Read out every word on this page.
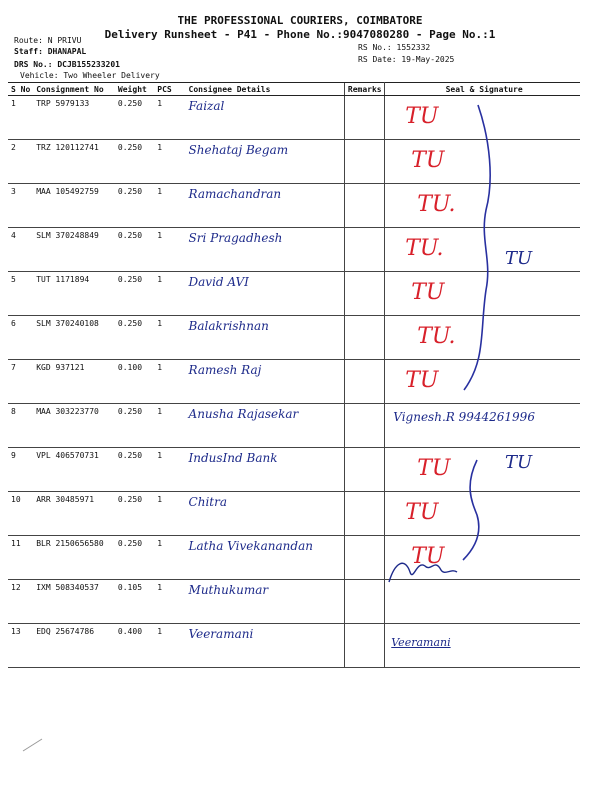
THE PROFESSIONAL COURIERS, COIMBATORE
Delivery Runsheet - P41 - Phone No.:9047080280 - Page No.:1
Route: N PRIVU
Staff: DHANAPAL
DRS No.: DCJB155233201
Vehicle: Two Wheeler Delivery
RS No.: 1552332
RS Date: 19-May-2025
S No	Consignment No	Weight	PCS	Consignee Details	Remarks	Seal & Signature
1	TRP 5979133	0.250	1	Faizal		TU

2	TRZ 120112741	0.250	1	Shehataj Begam		TU

3	MAA 105492759	0.250	1	Ramachandran		TU.

4	SLM 370248849	0.250	1	Sri Pragadhesh		TU.

5	TUT 1171894	0.250	1	David AVI		TU

6	SLM 370240108	0.250	1	Balakrishnan		TU.

7	KGD 937121	0.100	1	Ramesh Raj		TU

8	MAA 303223770	0.250	1	Anusha Rajasekar		Vignesh.R 9944261996

9	VPL 406570731	0.250	1	IndusInd Bank		TU

10	ARR 30485971	0.250	1	Chitra		TU

11	BLR 2150656580	0.250	1	Latha Vivekanandan		TU

12	IXM 508340537	0.105	1	Muthukumar		
13	EDQ 25674786	0.400	1	Veeramani		Veeramani
TU
TU
